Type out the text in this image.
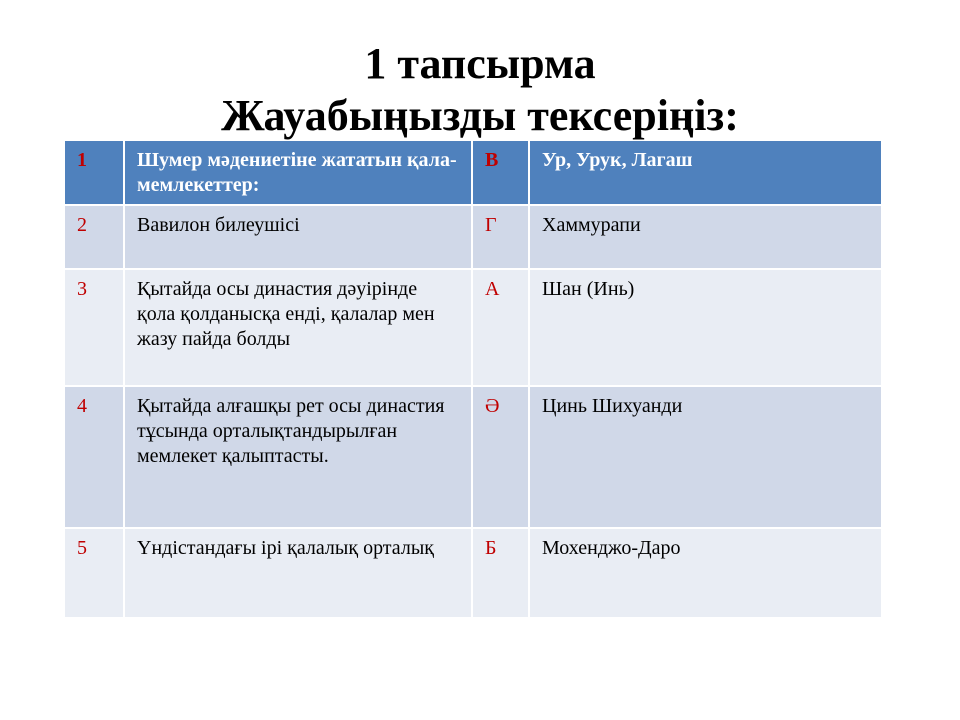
1 тапсырма
Жауабыңызды тексеріңіз:
1	Шумер мәдениетіне жататын қала-мемлекеттер:	В	Ур, Урук, Лагаш
2	Вавилон билеушісі	Г	Хаммурапи
3	Қытайда осы династия дәуірінде қола қолданысқа енді, қалалар мен жазу пайда болды	А	Шан (Инь)
4	Қытайда алғашқы рет осы династия тұсында орталықтандырылған мемлекет қалыптасты.	Ә	Цинь Шихуанди
5	Үндістандағы ірі қалалық орталық	Б	Мохенджо-Даро
